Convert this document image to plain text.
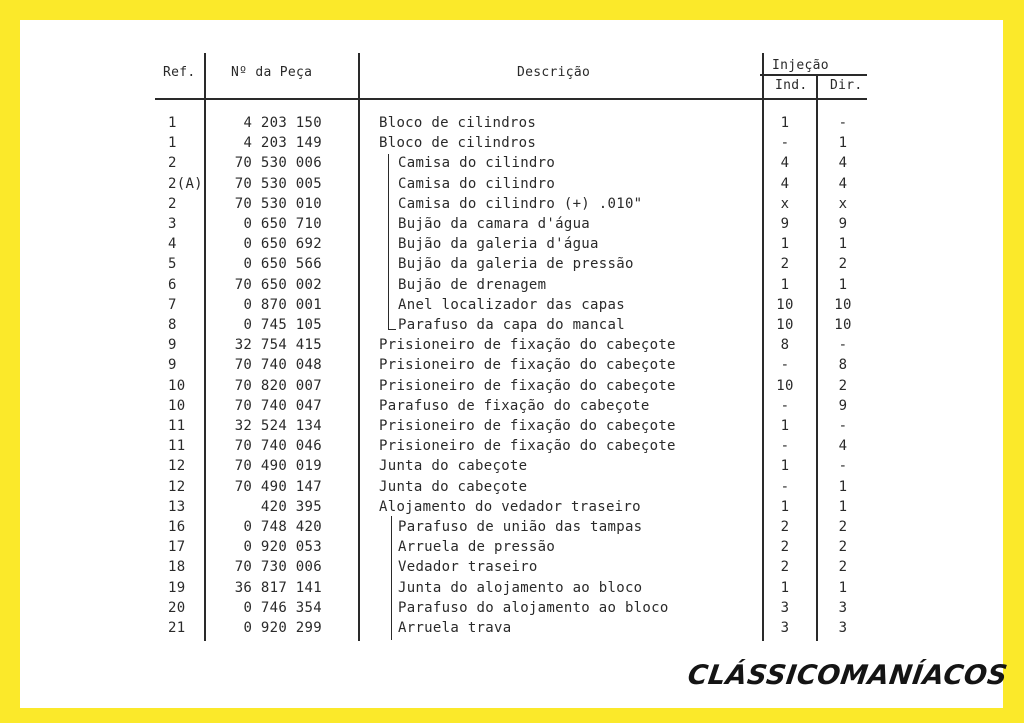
Ref.	Nº da Peça	Descrição	Injeção
Ind. Dir.
1	4 203 150	Bloco de cilindros	1	-
1	4 203 149	Bloco de cilindros	-	1
2	70 530 006	Camisa do cilindro	4	4
2(A)	70 530 005	Camisa do cilindro	4	4
2	70 530 010	Camisa do cilindro (+) .010"	x	x
3	0 650 710	Bujão da camara d'água	9	9
4	0 650 692	Bujão da galeria d'água	1	1
5	0 650 566	Bujão da galeria de pressão	2	2
6	70 650 002	Bujão de drenagem	1	1
7	0 870 001	Anel localizador das capas	10	10
8	0 745 105	Parafuso da capa do mancal	10	10
9	32 754 415	Prisioneiro de fixação do cabeçote	8	-
9	70 740 048	Prisioneiro de fixação do cabeçote	-	8
10	70 820 007	Prisioneiro de fixação do cabeçote	10	2
10	70 740 047	Parafuso de fixação do cabeçote	-	9
11	32 524 134	Prisioneiro de fixação do cabeçote	1	-
11	70 740 046	Prisioneiro de fixação do cabeçote	-	4
12	70 490 019	Junta do cabeçote	1	-
12	70 490 147	Junta do cabeçote	-	1
13	420 395	Alojamento do vedador traseiro	1	1
16	0 748 420	Parafuso de união das tampas	2	2
17	0 920 053	Arruela de pressão	2	2
18	70 730 006	Vedador traseiro	2	2
19	36 817 141	Junta do alojamento ao bloco	1	1
20	0 746 354	Parafuso do alojamento ao bloco	3	3
21	0 920 299	Arruela trava	3	3
CLÁSSICOMANÍACOS
